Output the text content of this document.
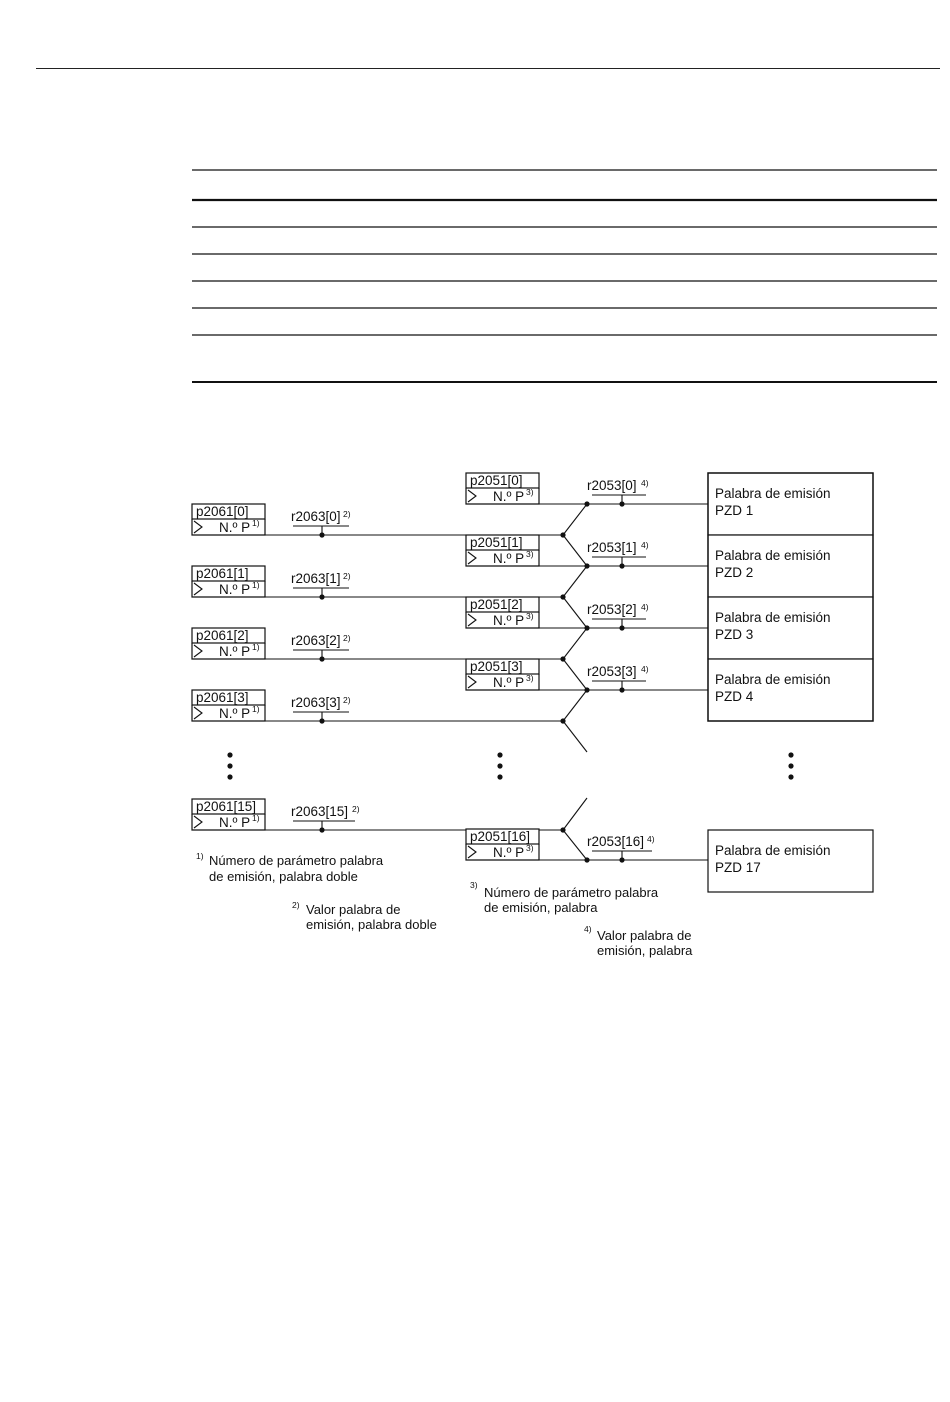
p2061[0]
N.º P 1) r2063[0] 2)
p2061[1]
N.º P 1) r2063[1] 2)
p2061[2]
N.º P 1) r2063[2] 2)
p2061[3]
N.º P 1) r2063[3] 2)
p2061[15]
N.º P 1) r2063[15] 2)
p2051[0]
N.º P 3)	r2053[0] 4)
p2051[1]
N.º P 3)	r2053[1] 4)
p2051[2]
N.º P 3)	r2053[2] 4)
p2051[3]
N.º P 3)	r2053[3] 4)
p2051[16]
N.º P 3)	r2053[16] 4)
Palabra de emisión
PZD 1
Palabra de emisión
PZD 2
Palabra de emisión
PZD 3
Palabra de emisión
PZD 4
Palabra de emisión
PZD 17
1) Número de parámetro palabra
de emisión, palabra doble
2) Valor palabra de
emisión, palabra doble
3) Número de parámetro palabra
de emisión, palabra
4) Valor palabra de
emisión, palabra
